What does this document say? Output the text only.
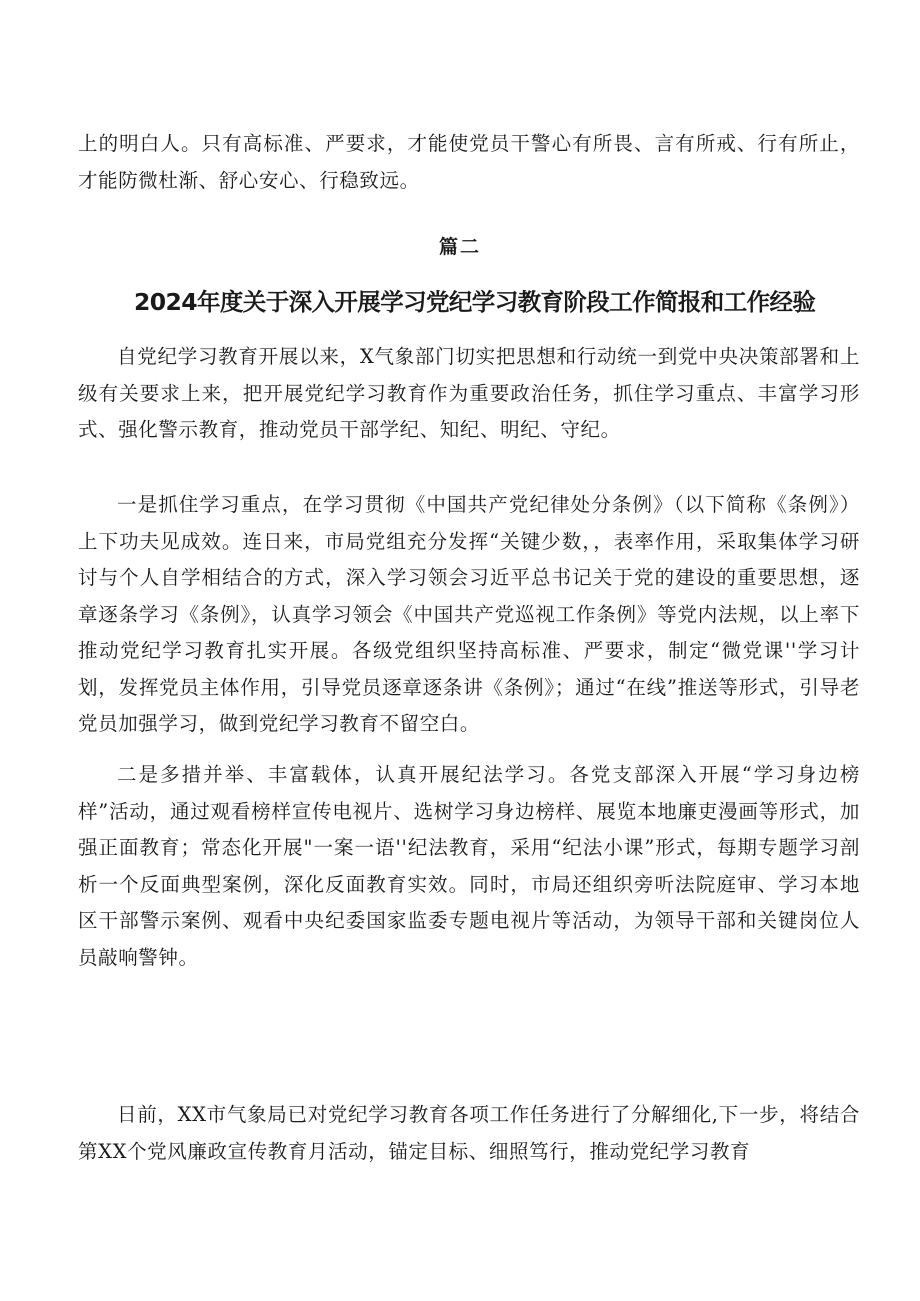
上的明白人。只有高标准、严要求，才能使党员干警心有所畏、言有所戒、行有所止，才能防微杜渐、舒心安心、行稳致远。

篇二

2024年度关于深入开展学习党纪学习教育阶段工作简报和工作经验

自党纪学习教育开展以来，X气象部门切实把思想和行动统一到党中央决策部署和上级有关要求上来，把开展党纪学习教育作为重要政治任务，抓住学习重点、丰富学习形式、强化警示教育，推动党员干部学纪、知纪、明纪、守纪。

一是抓住学习重点，在学习贯彻《中国共产党纪律处分条例》（以下简称《条例》）上下功夫见成效。连日来，市局党组充分发挥“关键少数，，表率作用，采取集体学习研讨与个人自学相结合的方式，深入学习领会习近平总书记关于党的建设的重要思想，逐章逐条学习《条例》，认真学习领会《中国共产党巡视工作条例》等党内法规，以上率下推动党纪学习教育扎实开展。各级党组织坚持高标准、严要求，制定“微党课''学习计划，发挥党员主体作用，引导党员逐章逐条讲《条例》；通过“在线”推送等形式，引导老党员加强学习，做到党纪学习教育不留空白。

二是多措并举、丰富载体，认真开展纪法学习。各党支部深入开展“学习身边榜样”活动，通过观看榜样宣传电视片、选树学习身边榜样、展览本地廉吏漫画等形式，加强正面教育；常态化开展"一案一语''纪法教育，采用“纪法小课”形式，每期专题学习剖析一个反面典型案例，深化反面教育实效。同时，市局还组织旁听法院庭审、学习本地区干部警示案例、观看中央纪委国家监委专题电视片等活动，为领导干部和关键岗位人员敲响警钟。

日前，XX市气象局已对党纪学习教育各项工作任务进行了分解细化,下一步，将结合第XX个党风廉政宣传教育月活动，锚定目标、细照笃行，推动党纪学习教育
